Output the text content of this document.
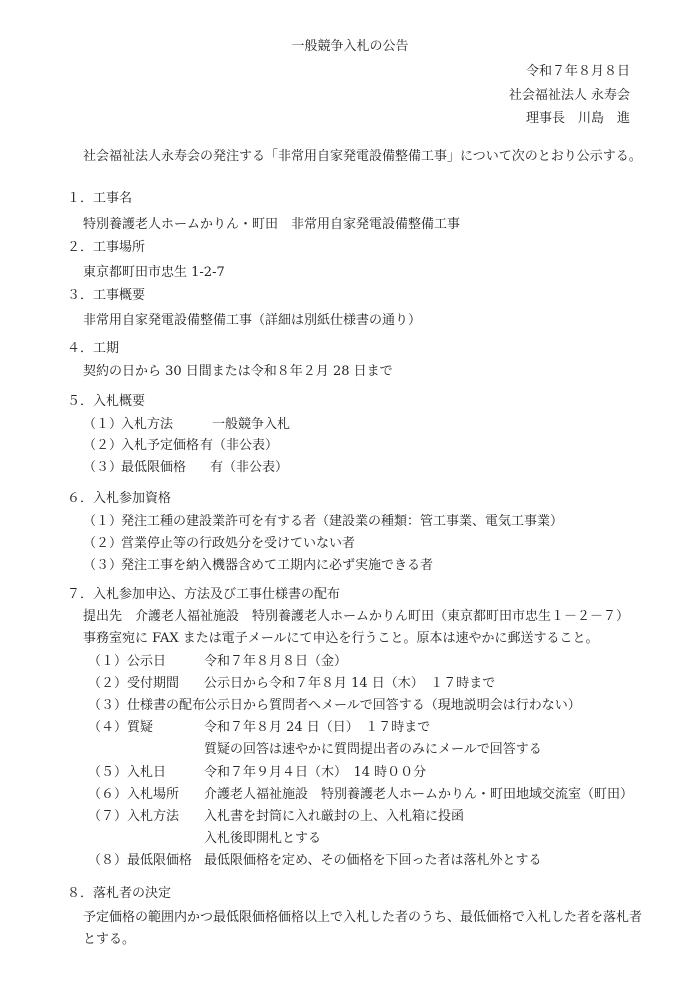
一般競争入札の公告
令和７年８月８日
社会福祉法人 永寿会
理事長　川島　進
社会福祉法人永寿会の発注する「非常用自家発電設備整備工事」について次のとおり公示する。
１．工事名
特別養護老人ホームかりん・町田　非常用自家発電設備整備工事
２．工事場所
東京都町田市忠生 1-2-7
３．工事概要
非常用自家発電設備整備工事（詳細は別紙仕様書の通り）
４．工期
契約の日から 30 日間または令和８年２月 28 日まで
５．入札概要
（１）
入札方法	一般競争入札
（２）
入札予定価格 有（非公表）
（３）
最低限価格 有（非公表）
６．入札参加資格
（１）
発注工種の建設業許可を有する者（建設業の種類：管工事業、電気工事業）
（２）
営業停止等の行政処分を受けていない者
（３）
発注工事を納入機器含めて工期内に必ず実施できる者
７．入札参加申込、方法及び工事仕様書の配布
提出先　介護老人福祉施設　特別養護老人ホームかりん町田（東京都町田市忠生１－２－７）
事務室宛に FAX または電子メールにて申込を行うこと。原本は速やかに郵送すること。
（１）公示日	令和７年８月８日（金）
（２）受付期間 公示日から令和７年８月 14 日（木）　１７時まで
（３）仕様書の配布
公示日から質問者へメールで回答する（現地説明会は行わない）
（４）質疑	令和７年８月 24 日（日）　１７時まで
質疑の回答は速やかに質問提出者のみにメールで回答する
（５）入札日	令和７年９月４日（木）　14 時００分
（６）入札場所 介護老人福祉施設　特別養護老人ホームかりん・町田地域交流室（町田）
（７）入札方法 入札書を封筒に入れ厳封の上、入札箱に投函
入札後即開札とする
（８）最低限価格 最低限価格を定め、その価格を下回った者は落札外とする
８．落札者の決定
予定価格の範囲内かつ最低限価格価格以上で入札した者のうち、最低価格で入札した者を落札者
とする。
